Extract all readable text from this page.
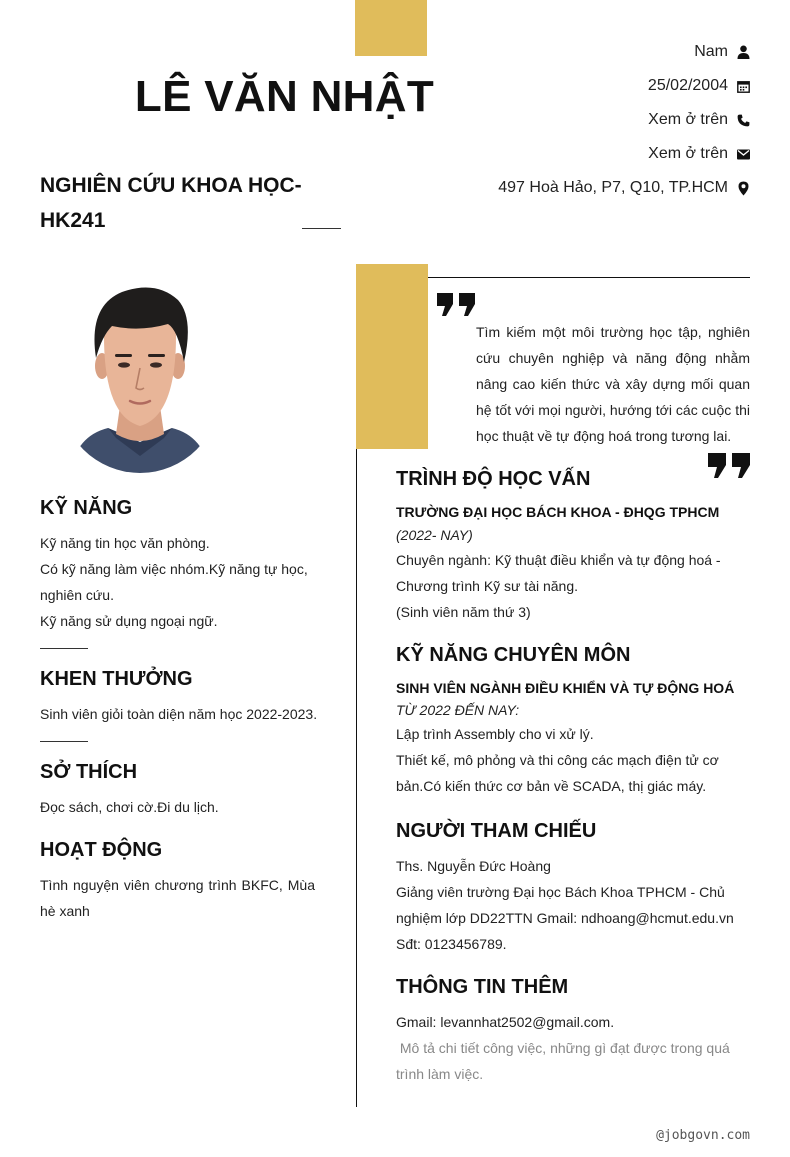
LÊ VĂN NHẬT
NGHIÊN CỨU KHOA HỌC- HK241
Nam
25/02/2004
Xem ở trên
Xem ở trên
497 Hoà Hảo, P7, Q10, TP.HCM
Tìm kiếm một môi trường học tập, nghiên cứu chuyên nghiệp và năng động nhằm nâng cao kiến thức và xây dựng mối quan hệ tốt với mọi người, hướng tới các cuộc thi học thuật về tự động hoá trong tương lai.
KỸ NĂNG
Kỹ năng tin học văn phòng.
Có kỹ năng làm việc nhóm.Kỹ năng tự học, nghiên cứu.
Kỹ năng sử dụng ngoại ngữ.
KHEN THƯỞNG
Sinh viên giỏi toàn diện năm học 2022-2023.
SỞ THÍCH
Đọc sách, chơi cờ.Đi du lịch.
HOẠT ĐỘNG
Tình nguyện viên chương trình BKFC, Mùa hè xanh
TRÌNH ĐỘ HỌC VẤN
TRƯỜNG ĐẠI HỌC BÁCH KHOA - ĐHQG TPHCM
(2022- NAY)
Chuyên ngành: Kỹ thuật điều khiển và tự động hoá - Chương trình Kỹ sư tài năng.
(Sinh viên năm thứ 3)
KỸ NĂNG CHUYÊN MÔN
SINH VIÊN NGÀNH ĐIỀU KHIỂN VÀ TỰ ĐỘNG HOÁ
TỪ 2022 ĐẾN NAY:
Lập trình Assembly cho vi xử lý.
Thiết kế, mô phỏng và thi công các mạch điện tử cơ bản.Có kiến thức cơ bản về SCADA, thị giác máy.
NGƯỜI THAM CHIẾU
Ths. Nguyễn Đức Hoàng
Giảng viên trường Đại học Bách Khoa TPHCM - Chủ nghiệm lớp DD22TTN Gmail: ndhoang@hcmut.edu.vn
Sđt: 0123456789.
THÔNG TIN THÊM
Gmail: levannhat2502@gmail.com.
Mô tả chi tiết công việc, những gì đạt được trong quá trình làm việc.
@jobgovn.com
